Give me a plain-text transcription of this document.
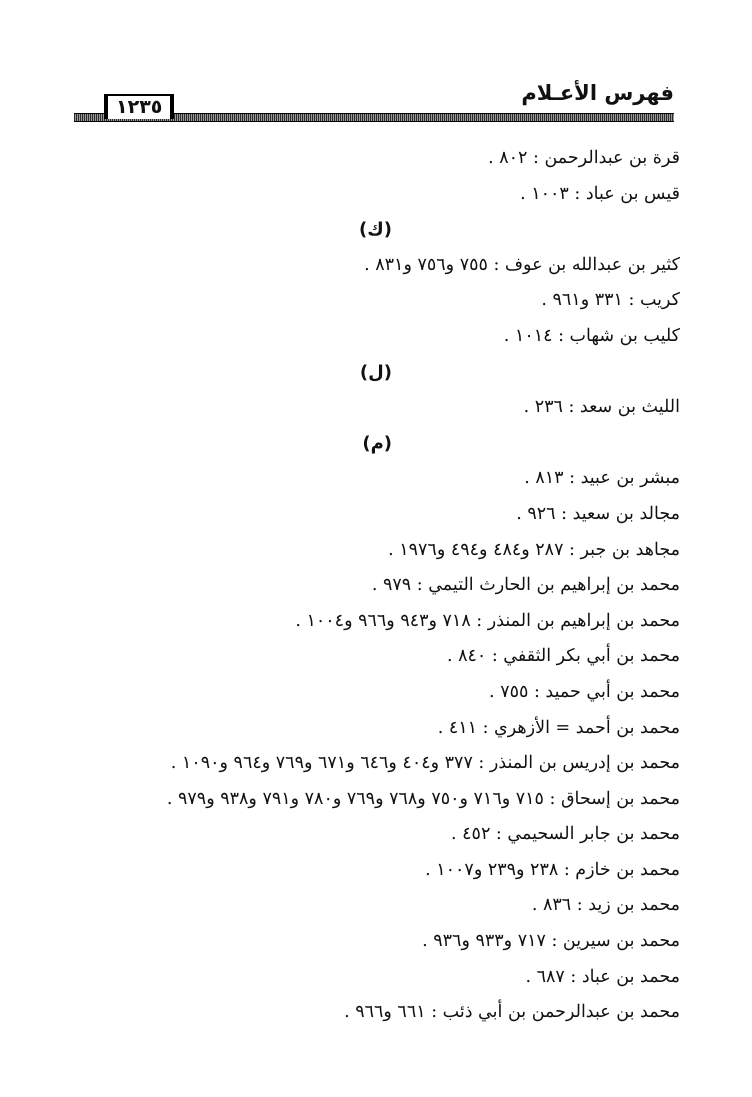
فهرس الأعـلام
١٢٣٥
قرة بن عبدالرحمن : ٨٠٢ .
قيس بن عباد : ١٠٠٣ .
(ك)
كثير بن عبدالله بن عوف : ٧٥٥ و٧٥٦ و٨٣١ .
كريب : ٣٣١ و٩٦١ .
كليب بن شهاب : ١٠١٤ .
(ل)
الليث بن سعد : ٢٣٦ .
(م)
مبشر بن عبيد : ٨١٣ .
مجالد بن سعيد : ٩٢٦ .
مجاهد بن جبر : ٢٨٧ و٤٨٤ و٤٩٤ و١٩٧٦ .
محمد بن إبراهيم بن الحارث التيمي : ٩٧٩ .
محمد بن إبراهيم بن المنذر : ٧١٨ و٩٤٣ و٩٦٦ و١٠٠٤ .
محمد بن أبي بكر الثقفي : ٨٤٠ .
محمد بن أبي حميد : ٧٥٥ .
محمد بن أحمد = الأزهري : ٤١١ .
محمد بن إدريس بن المنذر : ٣٧٧ و٤٠٤ و٦٤٦ و٦٧١ و٧٦٩ و٩٦٤ و١٠٩٠ .
محمد بن إسحاق : ٧١٥ و٧١٦ و٧٥٠ و٧٦٨ و٧٦٩ و٧٨٠ و٧٩١ و٩٣٨ و٩٧٩ .
محمد بن جابر السحيمي : ٤٥٢ .
محمد بن خازم : ٢٣٨ و٢٣٩ و١٠٠٧ .
محمد بن زيد : ٨٣٦ .
محمد بن سيرين : ٧١٧ و٩٣٣ و٩٣٦ .
محمد بن عباد : ٦٨٧ .
محمد بن عبدالرحمن بن أبي ذئب : ٦٦١ و٩٦٦ .
